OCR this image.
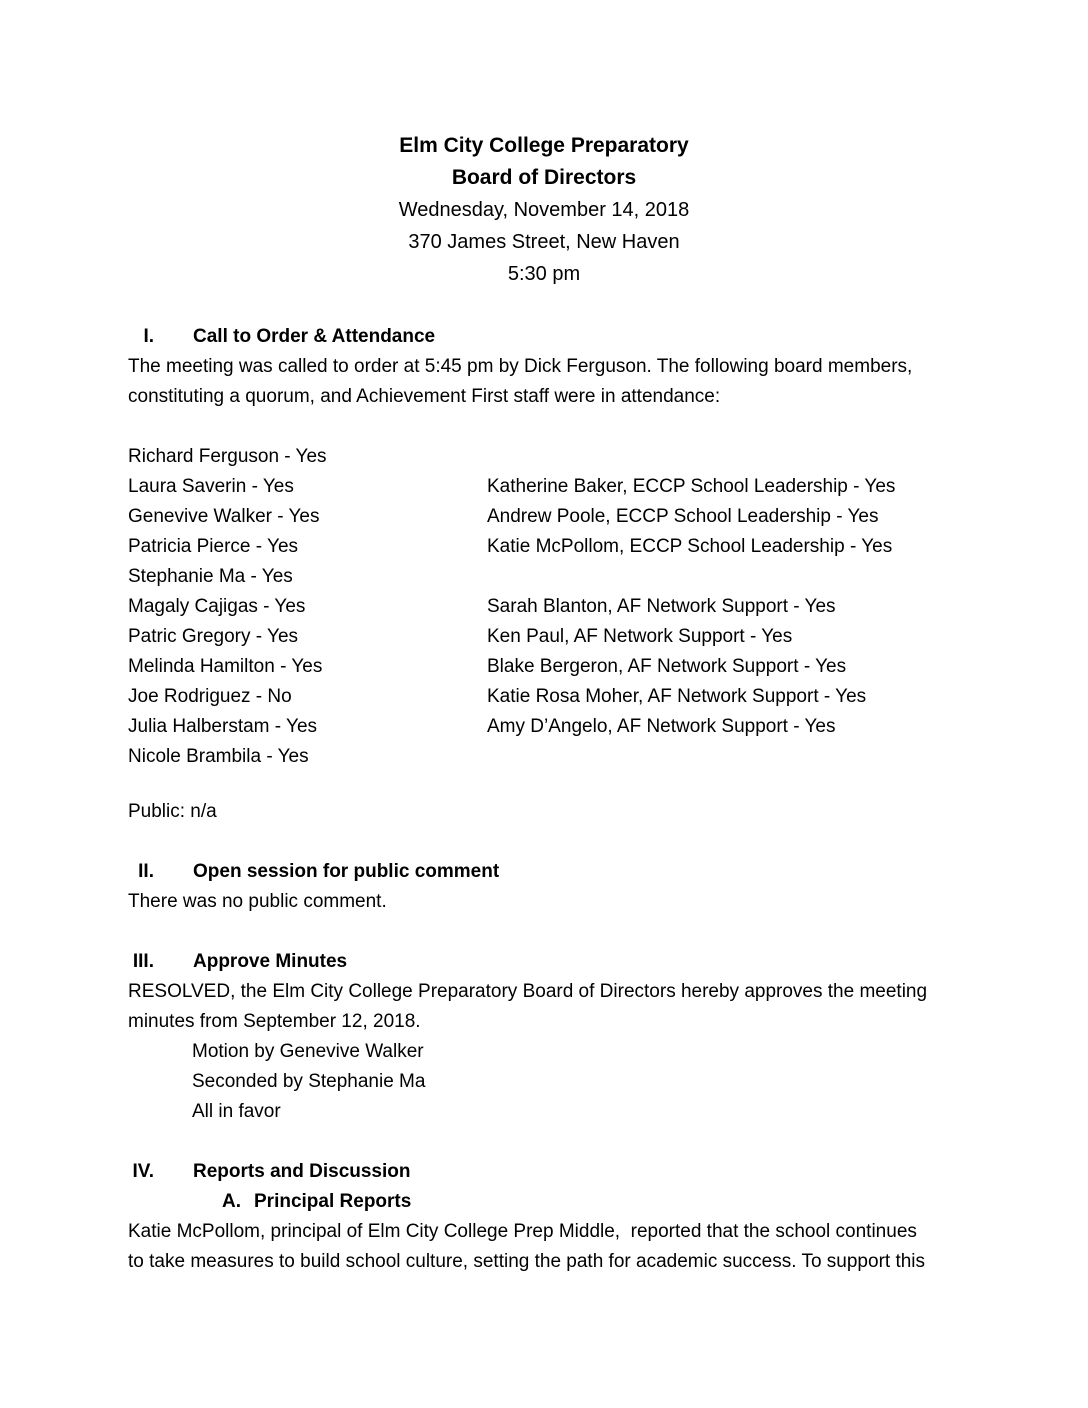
Elm City College Preparatory
Board of Directors
Wednesday, November 14, 2018
370 James Street, New Haven
5:30 pm
I. Call to Order & Attendance
The meeting was called to order at 5:45 pm by Dick Ferguson. The following board members,
constituting a quorum, and Achievement First staff were in attendance:
Richard Ferguson - Yes
Laura Saverin - Yes	Katherine Baker, ECCP School Leadership - Yes
Genevive Walker - Yes	Andrew Poole, ECCP School Leadership - Yes
Patricia Pierce - Yes	Katie McPollom, ECCP School Leadership - Yes
Stephanie Ma - Yes
Magaly Cajigas - Yes	Sarah Blanton, AF Network Support - Yes
Patric Gregory - Yes	Ken Paul, AF Network Support - Yes
Melinda Hamilton - Yes	Blake Bergeron, AF Network Support - Yes
Joe Rodriguez - No	Katie Rosa Moher, AF Network Support - Yes
Julia Halberstam - Yes	Amy D’Angelo, AF Network Support - Yes
Nicole Brambila - Yes
Public: n/a
II. Open session for public comment
There was no public comment.
III. Approve Minutes
RESOLVED, the Elm City College Preparatory Board of Directors hereby approves the meeting
minutes from September 12, 2018.
Motion by Genevive Walker
Seconded by Stephanie Ma
All in favor
IV. Reports and Discussion
A. Principal Reports
Katie McPollom, principal of Elm City College Prep Middle,  reported that the school continues
to take measures to build school culture, setting the path for academic success. To support this
